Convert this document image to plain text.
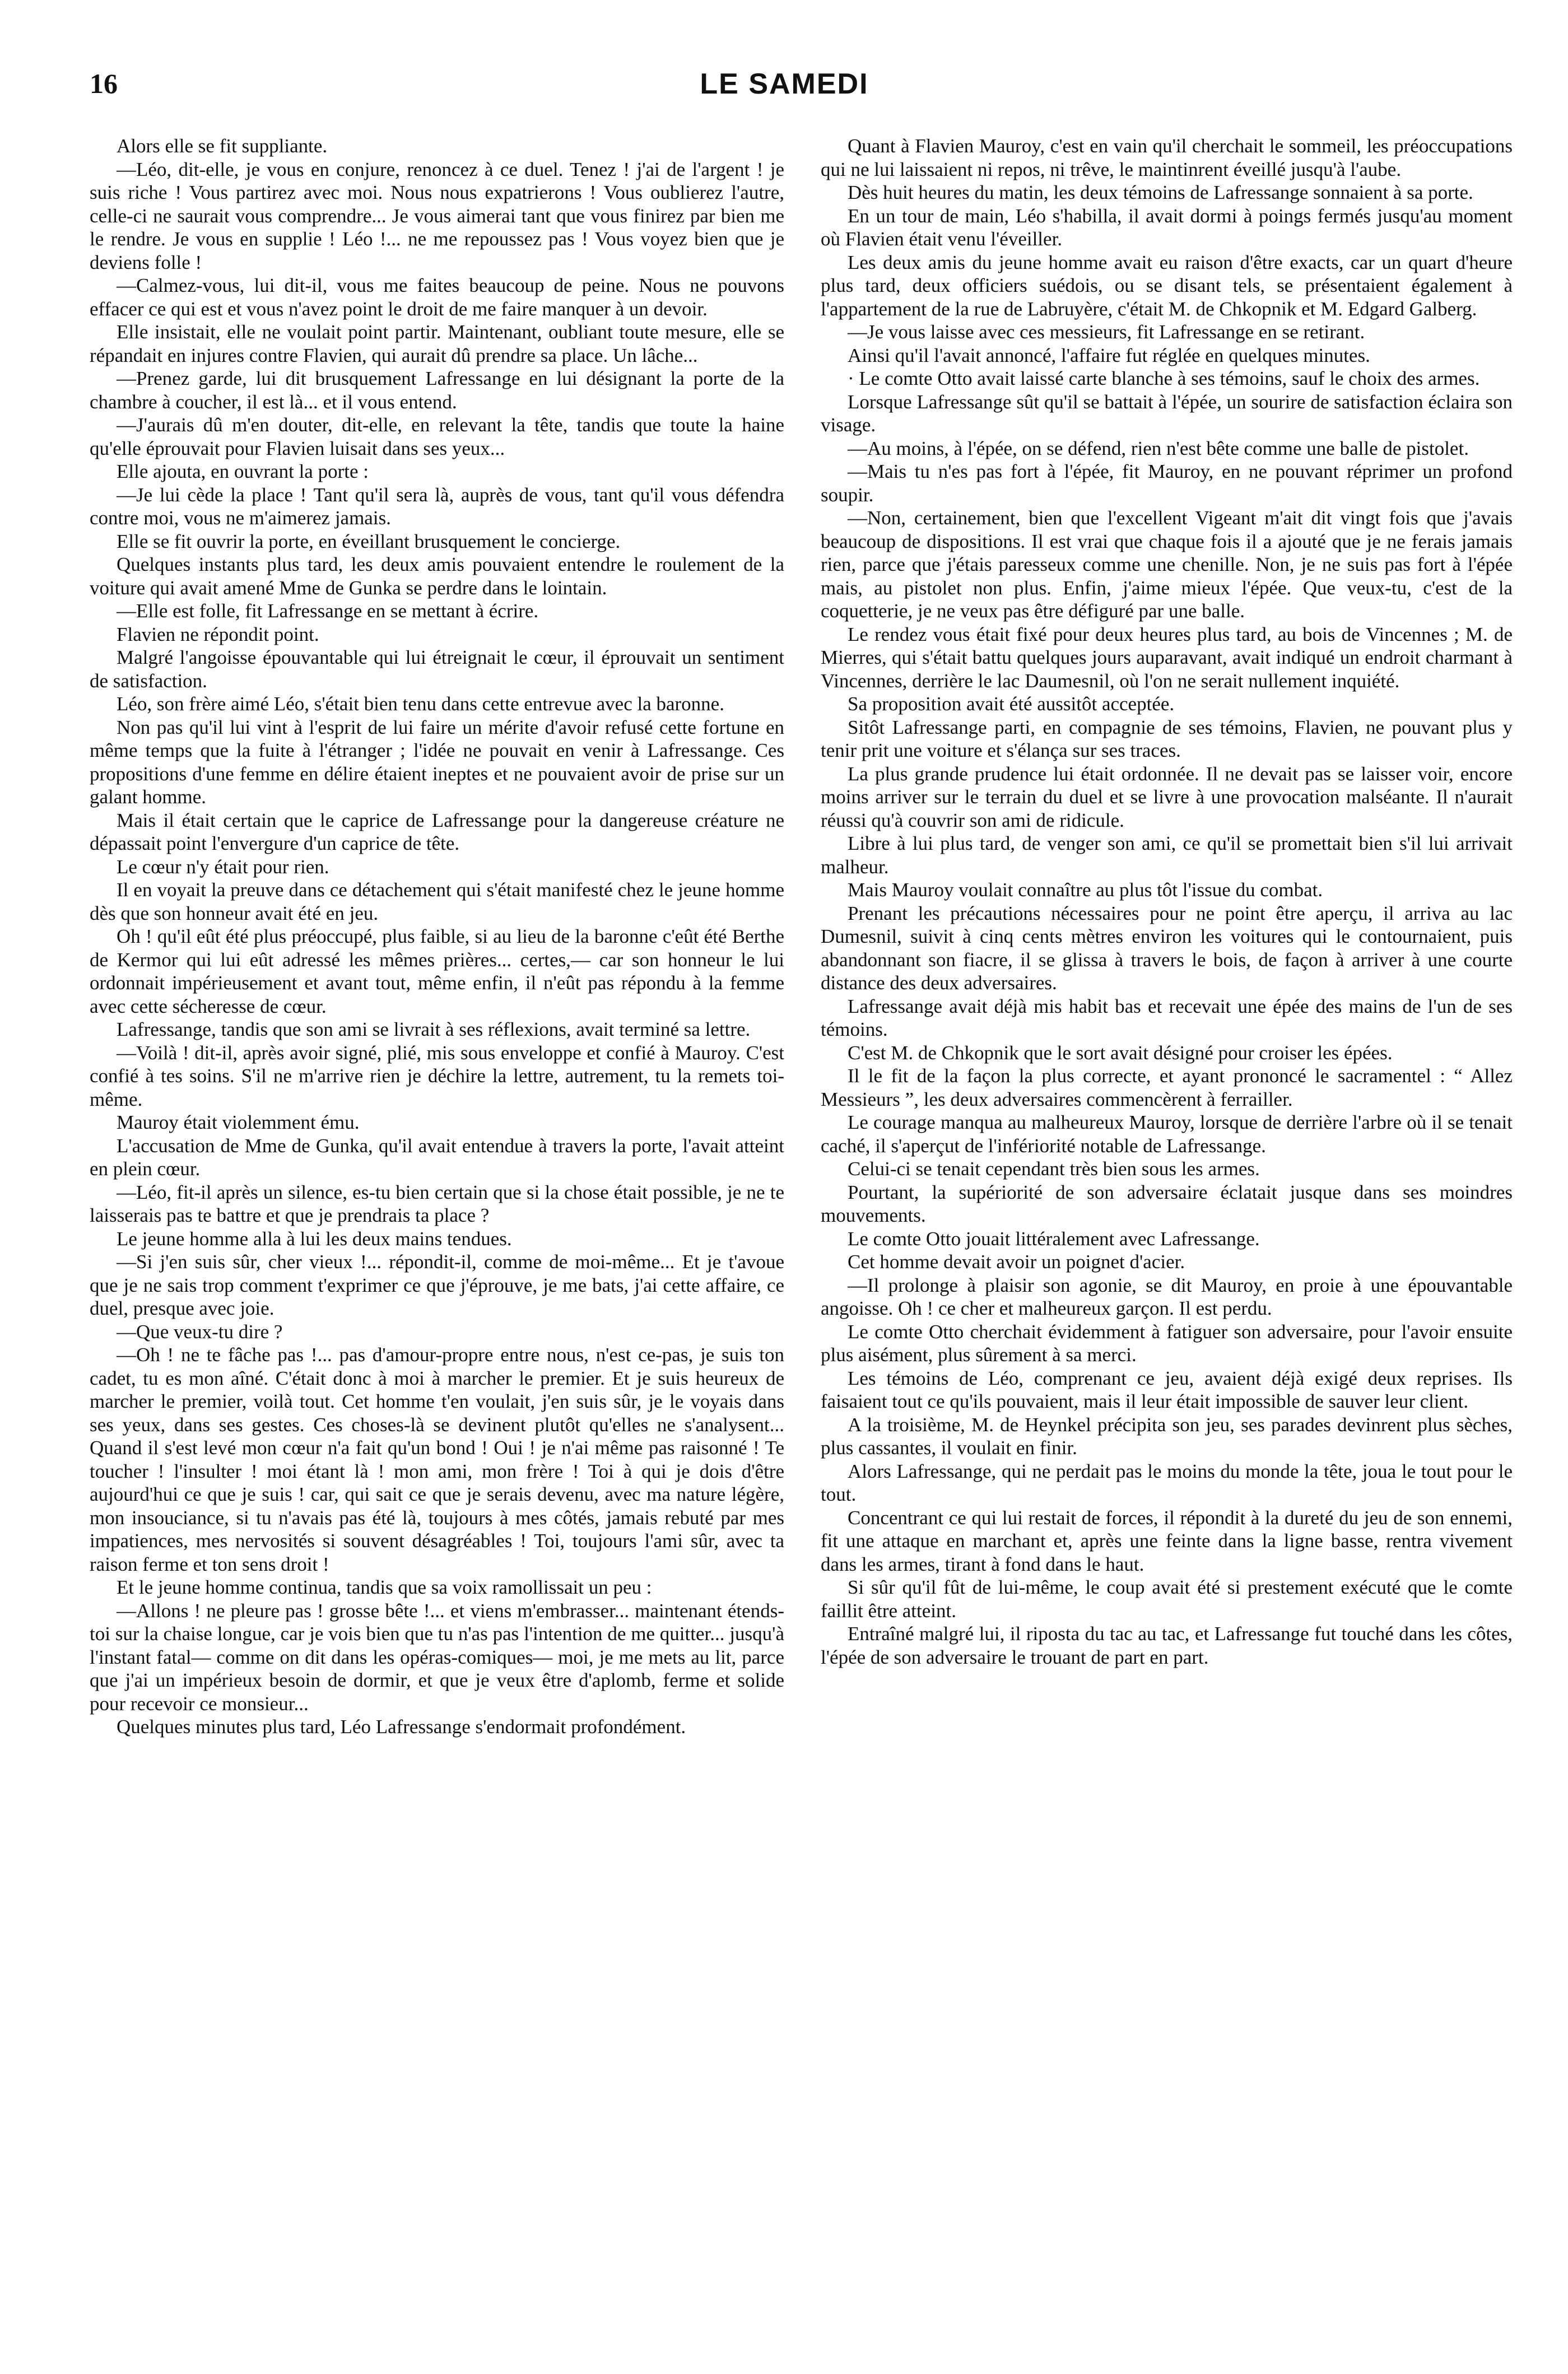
16	LE SAMEDI

Alors elle se fit suppliante.

—Léo, dit-elle, je vous en conjure, renoncez à ce duel. Tenez ! j'ai de l'argent ! je suis riche ! Vous partirez avec moi. Nous nous expatrierons ! Vous oublierez l'autre, celle-ci ne saurait vous comprendre... Je vous aimerai tant que vous finirez par bien me le rendre. Je vous en supplie ! Léo !... ne me repoussez pas ! Vous voyez bien que je deviens folle !

—Calmez-vous, lui dit-il, vous me faites beaucoup de peine. Nous ne pouvons effacer ce qui est et vous n'avez point le droit de me faire manquer à un devoir.

Elle insistait, elle ne voulait point partir. Maintenant, oubliant toute mesure, elle se répandait en injures contre Flavien, qui aurait dû prendre sa place. Un lâche...

—Prenez garde, lui dit brusquement Lafressange en lui désignant la porte de la chambre à coucher, il est là... et il vous entend.

—J'aurais dû m'en douter, dit-elle, en relevant la tête, tandis que toute la haine qu'elle éprouvait pour Flavien luisait dans ses yeux...

Elle ajouta, en ouvrant la porte :

—Je lui cède la place ! Tant qu'il sera là, auprès de vous, tant qu'il vous défendra contre moi, vous ne m'aimerez jamais.

Elle se fit ouvrir la porte, en éveillant brusquement le concierge.

Quelques instants plus tard, les deux amis pouvaient entendre le roulement de la voiture qui avait amené Mme de Gunka se perdre dans le lointain.

—Elle est folle, fit Lafressange en se mettant à écrire.

Flavien ne répondit point.

Malgré l'angoisse épouvantable qui lui étreignait le cœur, il éprouvait un sentiment de satisfaction.

Léo, son frère aimé Léo, s'était bien tenu dans cette entrevue avec la baronne.

Non pas qu'il lui vint à l'esprit de lui faire un mérite d'avoir refusé cette fortune en même temps que la fuite à l'étranger ; l'idée ne pouvait en venir à Lafressange. Ces propositions d'une femme en délire étaient ineptes et ne pouvaient avoir de prise sur un galant homme.

Mais il était certain que le caprice de Lafressange pour la dangereuse créature ne dépassait point l'envergure d'un caprice de tête.

Le cœur n'y était pour rien.

Il en voyait la preuve dans ce détachement qui s'était manifesté chez le jeune homme dès que son honneur avait été en jeu.

Oh ! qu'il eût été plus préoccupé, plus faible, si au lieu de la baronne c'eût été Berthe de Kermor qui lui eût adressé les mêmes prières... certes,— car son honneur le lui ordonnait impérieusement et avant tout, même enfin, il n'eût pas répondu à la femme avec cette sécheresse de cœur.

Lafressange, tandis que son ami se livrait à ses réflexions, avait terminé sa lettre.

—Voilà ! dit-il, après avoir signé, plié, mis sous enveloppe et confié à Mauroy. C'est confié à tes soins. S'il ne m'arrive rien je déchire la lettre, autrement, tu la remets toi-même.

Mauroy était violemment ému.

L'accusation de Mme de Gunka, qu'il avait entendue à travers la porte, l'avait atteint en plein cœur.

—Léo, fit-il après un silence, es-tu bien certain que si la chose était possible, je ne te laisserais pas te battre et que je prendrais ta place ?

Le jeune homme alla à lui les deux mains tendues.

—Si j'en suis sûr, cher vieux !... répondit-il, comme de moi-même... Et je t'avoue que je ne sais trop comment t'exprimer ce que j'éprouve, je me bats, j'ai cette affaire, ce duel, presque avec joie.

—Que veux-tu dire ?

—Oh ! ne te fâche pas !... pas d'amour-propre entre nous, n'est ce-pas, je suis ton cadet, tu es mon aîné. C'était donc à moi à marcher le premier. Et je suis heureux de marcher le premier, voilà tout. Cet homme t'en voulait, j'en suis sûr, je le voyais dans ses yeux, dans ses gestes. Ces choses-là se devinent plutôt qu'elles ne s'analysent... Quand il s'est levé mon cœur n'a fait qu'un bond ! Oui ! je n'ai même pas raisonné ! Te toucher ! l'insulter ! moi étant là ! mon ami, mon frère ! Toi à qui je dois d'être aujourd'hui ce que je suis ! car, qui sait ce que je serais devenu, avec ma nature légère, mon insouciance, si tu n'avais pas été là, toujours à mes côtés, jamais rebuté par mes impatiences, mes nervosités si souvent désagréables ! Toi, toujours l'ami sûr, avec ta raison ferme et ton sens droit !

Et le jeune homme continua, tandis que sa voix ramollissait un peu :

—Allons ! ne pleure pas ! grosse bête !... et viens m'embrasser... maintenant étends-toi sur la chaise longue, car je vois bien que tu n'as pas l'intention de me quitter... jusqu'à l'instant fatal— comme on dit dans les opéras-comiques— moi, je me mets au lit, parce que j'ai un impérieux besoin de dormir, et que je veux être d'aplomb, ferme et solide pour recevoir ce monsieur...

Quelques minutes plus tard, Léo Lafressange s'endormait profondément.

Quant à Flavien Mauroy, c'est en vain qu'il cherchait le sommeil, les préoccupations qui ne lui laissaient ni repos, ni trêve, le maintinrent éveillé jusqu'à l'aube.

Dès huit heures du matin, les deux témoins de Lafressange sonnaient à sa porte.

En un tour de main, Léo s'habilla, il avait dormi à poings fermés jusqu'au moment où Flavien était venu l'éveiller.

Les deux amis du jeune homme avait eu raison d'être exacts, car un quart d'heure plus tard, deux officiers suédois, ou se disant tels, se présentaient également à l'appartement de la rue de Labruyère, c'était M. de Chkopnik et M. Edgard Galberg.

—Je vous laisse avec ces messieurs, fit Lafressange en se retirant.

Ainsi qu'il l'avait annoncé, l'affaire fut réglée en quelques minutes.

· Le comte Otto avait laissé carte blanche à ses témoins, sauf le choix des armes.

Lorsque Lafressange sût qu'il se battait à l'épée, un sourire de satisfaction éclaira son visage.

—Au moins, à l'épée, on se défend, rien n'est bête comme une balle de pistolet.

—Mais tu n'es pas fort à l'épée, fit Mauroy, en ne pouvant réprimer un profond soupir.

—Non, certainement, bien que l'excellent Vigeant m'ait dit vingt fois que j'avais beaucoup de dispositions. Il est vrai que chaque fois il a ajouté que je ne ferais jamais rien, parce que j'étais paresseux comme une chenille. Non, je ne suis pas fort à l'épée mais, au pistolet non plus. Enfin, j'aime mieux l'épée. Que veux-tu, c'est de la coquetterie, je ne veux pas être défiguré par une balle.

Le rendez vous était fixé pour deux heures plus tard, au bois de Vincennes ; M. de Mierres, qui s'était battu quelques jours auparavant, avait indiqué un endroit charmant à Vincennes, derrière le lac Daumesnil, où l'on ne serait nullement inquiété.

Sa proposition avait été aussitôt acceptée.

Sitôt Lafressange parti, en compagnie de ses témoins, Flavien, ne pouvant plus y tenir prit une voiture et s'élança sur ses traces.

La plus grande prudence lui était ordonnée. Il ne devait pas se laisser voir, encore moins arriver sur le terrain du duel et se livre à une provocation malséante. Il n'aurait réussi qu'à couvrir son ami de ridicule.

Libre à lui plus tard, de venger son ami, ce qu'il se promettait bien s'il lui arrivait malheur.

Mais Mauroy voulait connaître au plus tôt l'issue du combat.

Prenant les précautions nécessaires pour ne point être aperçu, il arriva au lac Dumesnil, suivit à cinq cents mètres environ les voitures qui le contournaient, puis abandonnant son fiacre, il se glissa à travers le bois, de façon à arriver à une courte distance des deux adversaires.

Lafressange avait déjà mis habit bas et recevait une épée des mains de l'un de ses témoins.

C'est M. de Chkopnik que le sort avait désigné pour croiser les épées.

Il le fit de la façon la plus correcte, et ayant prononcé le sacramentel : “ Allez Messieurs ”, les deux adversaires commencèrent à ferrailler.

Le courage manqua au malheureux Mauroy, lorsque de derrière l'arbre où il se tenait caché, il s'aperçut de l'infériorité notable de Lafressange.

Celui-ci se tenait cependant très bien sous les armes.

Pourtant, la supériorité de son adversaire éclatait jusque dans ses moindres mouvements.

Le comte Otto jouait littéralement avec Lafressange.

Cet homme devait avoir un poignet d'acier.

—Il prolonge à plaisir son agonie, se dit Mauroy, en proie à une épouvantable angoisse. Oh ! ce cher et malheureux garçon. Il est perdu.

Le comte Otto cherchait évidemment à fatiguer son adversaire, pour l'avoir ensuite plus aisément, plus sûrement à sa merci.

Les témoins de Léo, comprenant ce jeu, avaient déjà exigé deux reprises. Ils faisaient tout ce qu'ils pouvaient, mais il leur était impossible de sauver leur client.

A la troisième, M. de Heynkel précipita son jeu, ses parades devinrent plus sèches, plus cassantes, il voulait en finir.

Alors Lafressange, qui ne perdait pas le moins du monde la tête, joua le tout pour le tout.

Concentrant ce qui lui restait de forces, il répondit à la dureté du jeu de son ennemi, fit une attaque en marchant et, après une feinte dans la ligne basse, rentra vivement dans les armes, tirant à fond dans le haut.

Si sûr qu'il fût de lui-même, le coup avait été si prestement exécuté que le comte faillit être atteint.

Entraîné malgré lui, il riposta du tac au tac, et Lafressange fut touché dans les côtes, l'épée de son adversaire le trouant de part en part.
